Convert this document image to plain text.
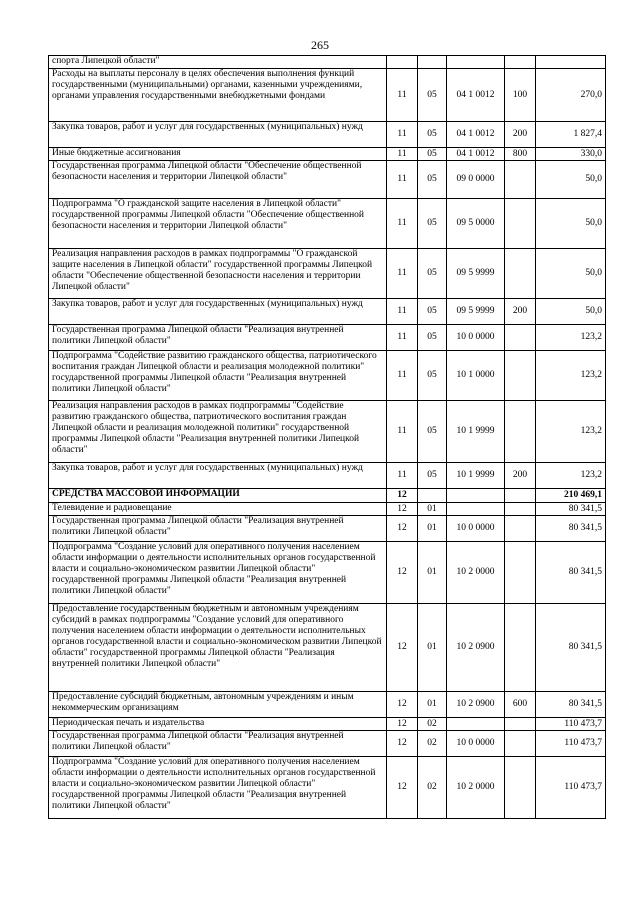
265
спорта Липецкой области"					
Расходы на выплаты персоналу в целях обеспечения выполнения функций государственными (муниципальными) органами, казенными учреждениями, органами управления государственными внебюджетными фондами	11	05	04 1 0012	100	270,0
Закупка товаров, работ и услуг для государственных (муниципальных) нужд	11	05	04 1 0012	200	1 827,4
Иные бюджетные ассигнования	11	05	04 1 0012	800	330,0
Государственная программа Липецкой области "Обеспечение общественной безопасности населения и территории Липецкой области"	11	05	09 0 0000		50,0
Подпрограмма "О гражданской защите населения в Липецкой области" государственной программы Липецкой области "Обеспечение общественной безопасности населения и территории Липецкой области"	11	05	09 5 0000		50,0
Реализация направления расходов в рамках подпрограммы "О гражданской защите населения в Липецкой области" государственной программы Липецкой области "Обеспечение общественной безопасности населения и территории Липецкой области"	11	05	09 5 9999		50,0
Закупка товаров, работ и услуг для государственных (муниципальных) нужд	11	05	09 5 9999	200	50,0
Государственная программа Липецкой области "Реализация внутренней политики Липецкой области"	11	05	10 0 0000		123,2
Подпрограмма "Содействие развитию гражданского общества, патриотического воспитания граждан Липецкой области и реализация молодежной политики" государственной программы Липецкой области "Реализация внутренней политики Липецкой области"	11	05	10 1 0000		123,2
Реализация направления расходов в рамках подпрограммы "Содействие развитию гражданского общества, патриотического воспитания граждан Липецкой области и реализация молодежной политики" государственной программы Липецкой области "Реализация внутренней политики Липецкой области"	11	05	10 1 9999		123,2
Закупка товаров, работ и услуг для государственных (муниципальных) нужд	11	05	10 1 9999	200	123,2
СРЕДСТВА МАССОВОЙ ИНФОРМАЦИИ	12				210 469,1
Телевидение и радиовещание	12	01			80 341,5
Государственная программа Липецкой области "Реализация внутренней политики Липецкой области"	12	01	10 0 0000		80 341,5
Подпрограмма "Создание условий для оперативного получения населением области информации о деятельности исполнительных органов государственной власти и социально-экономическом развитии Липецкой области" государственной программы Липецкой области "Реализация внутренней политики Липецкой области"	12	01	10 2 0000		80 341,5
Предоставление государственным бюджетным и автономным учреждениям субсидий в рамках подпрограммы "Создание условий для оперативного получения населением области информации о деятельности исполнительных органов государственной власти и социально-экономическом развитии Липецкой области" государственной программы Липецкой области "Реализация внутренней политики Липецкой области"	12	01	10 2 0900		80 341,5
Предоставление субсидий бюджетным, автономным учреждениям и иным некоммерческим организациям	12	01	10 2 0900	600	80 341,5
Периодическая печать и издательства	12	02			110 473,7
Государственная программа Липецкой области "Реализация внутренней политики Липецкой области"	12	02	10 0 0000		110 473,7
Подпрограмма "Создание условий для оперативного получения населением области информации о деятельности исполнительных органов государственной власти и социально-экономическом развитии Липецкой области" государственной программы Липецкой области "Реализация внутренней политики Липецкой области"	12	02	10 2 0000		110 473,7
